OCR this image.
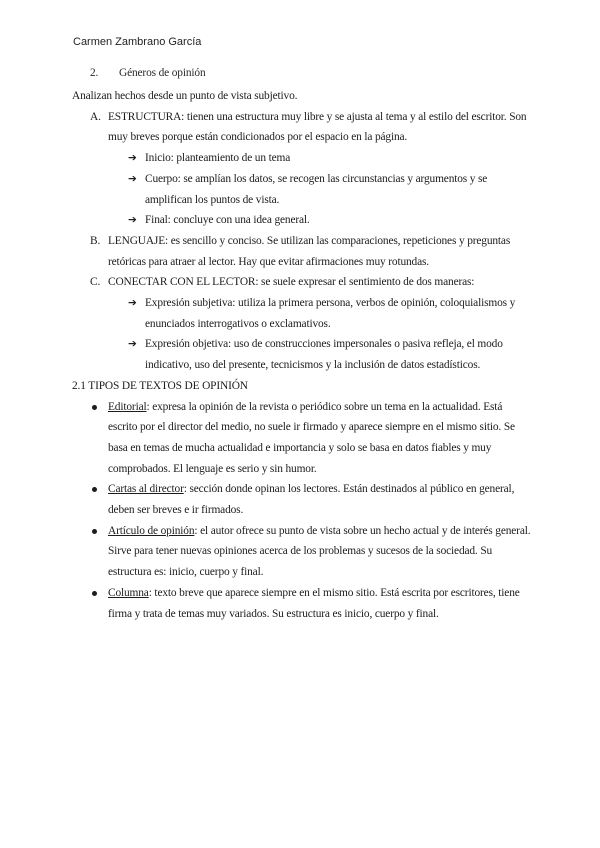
Carmen Zambrano García
2. Géneros de opinión

Analizan hechos desde un punto de vista subjetivo.

A. ESTRUCTURA: tienen una estructura muy libre y se ajusta al tema y al estilo del escritor. Son muy breves porque están condicionados por el espacio en la página.
➔ Inicio: planteamiento de un tema
➔ Cuerpo: se amplían los datos, se recogen las circunstancias y argumentos y se amplifican los puntos de vista.
➔ Final: concluye con una idea general.
B. LENGUAJE: es sencillo y conciso. Se utilizan las comparaciones, repeticiones y preguntas retóricas para atraer al lector. Hay que evitar afirmaciones muy rotundas.
C. CONECTAR CON EL LECTOR: se suele expresar el sentimiento de dos maneras:
➔ Expresión subjetiva: utiliza la primera persona, verbos de opinión, coloquialismos y enunciados interrogativos o exclamativos.
➔ Expresión objetiva: uso de construcciones impersonales o pasiva refleja, el modo indicativo, uso del presente, tecnicismos y la inclusión de datos estadísticos.

2.1 TIPOS DE TEXTOS DE OPINIÓN

Editorial: expresa la opinión de la revista o periódico sobre un tema en la actualidad. Está escrito por el director del medio, no suele ir firmado y aparece siempre en el mismo sitio. Se basa en temas de mucha actualidad e importancia y solo se basa en datos fiables y muy comprobados. El lenguaje es serio y sin humor.
Cartas al director: sección donde opinan los lectores. Están destinados al público en general, deben ser breves e ir firmados.
Artículo de opinión: el autor ofrece su punto de vista sobre un hecho actual y de interés general. Sirve para tener nuevas opiniones acerca de los problemas y sucesos de la sociedad. Su estructura es: inicio, cuerpo y final.
Columna: texto breve que aparece siempre en el mismo sitio. Está escrita por escritores, tiene firma y trata de temas muy variados. Su estructura es inicio, cuerpo y final.
